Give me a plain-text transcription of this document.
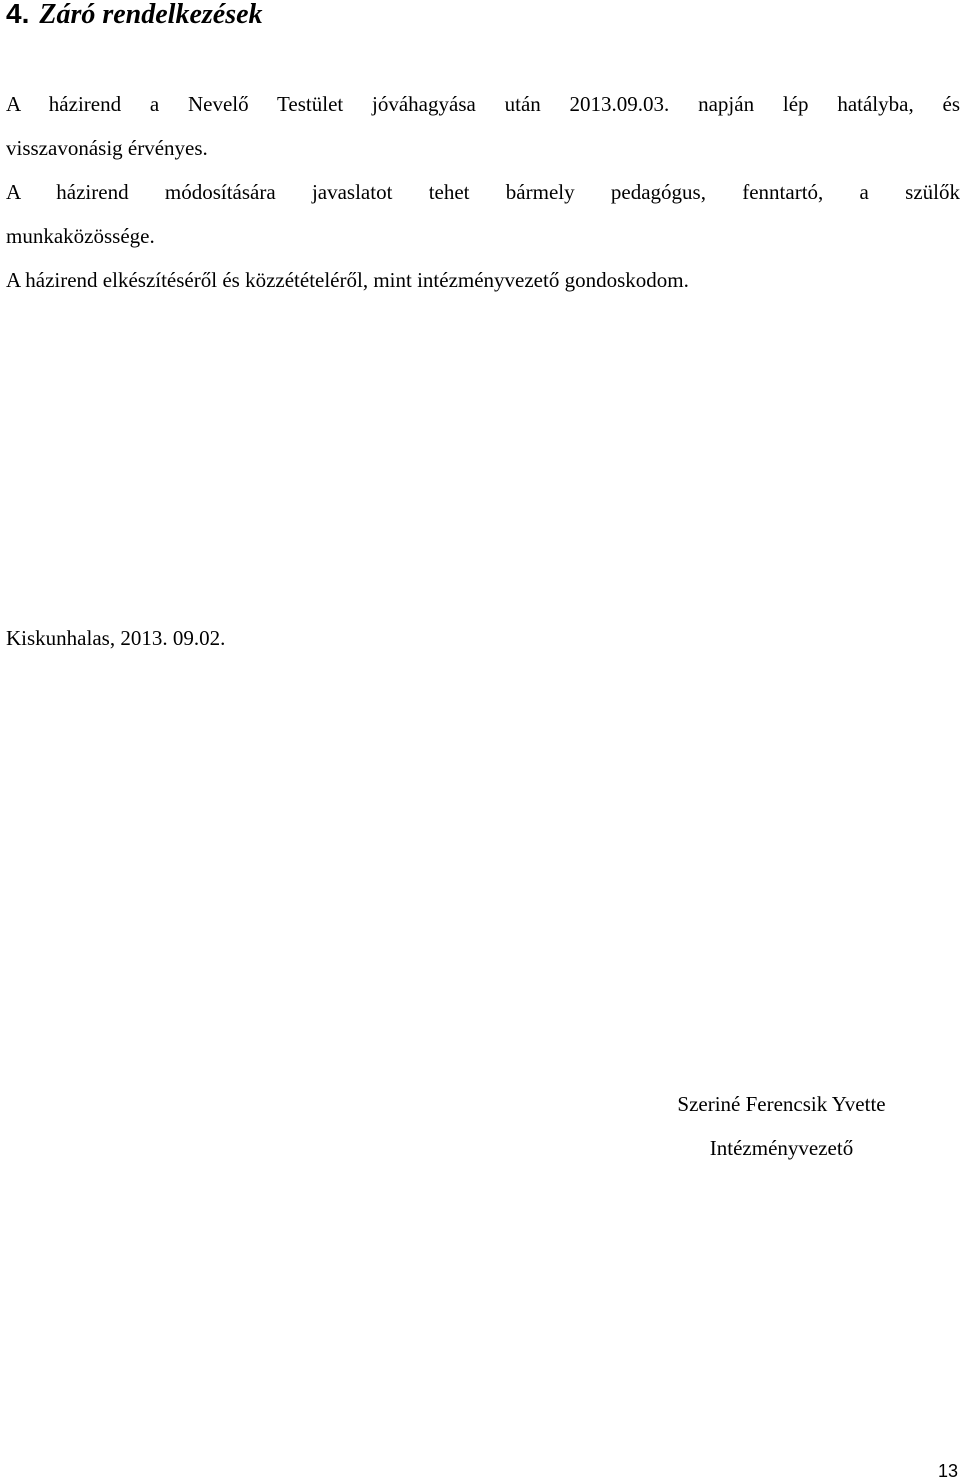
4. Záró rendelkezések

A házirend a Nevelő Testület jóváhagyása után 2013.09.03. napján lép hatályba, és
visszavonásig érvényes.

A házirend módosítására javaslatot tehet bármely pedagógus, fenntartó, a szülők
munkaközössége.

A házirend elkészítéséről és közzétételéről, mint intézményvezető gondoskodom.

Kiskunhalas, 2013. 09.02.

Szeriné Ferencsik Yvette
Intézményvezető
13
